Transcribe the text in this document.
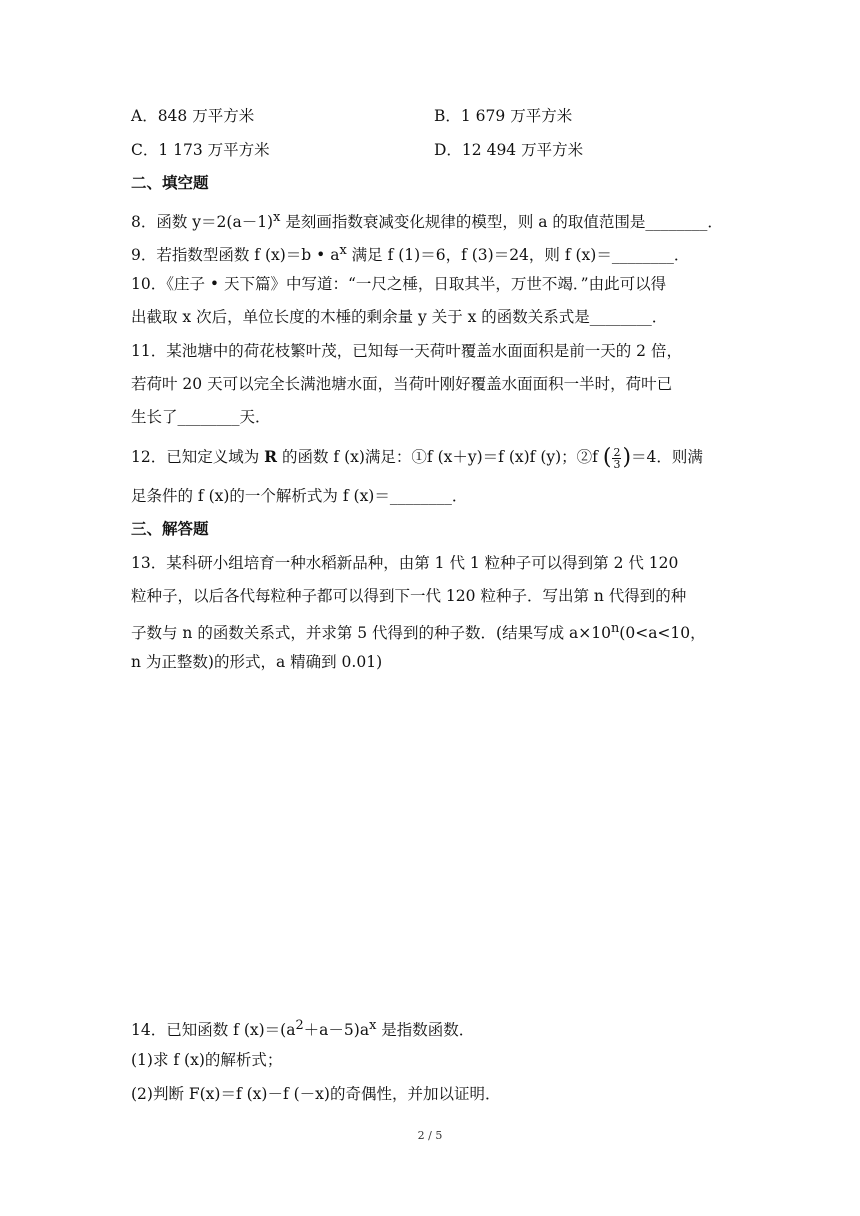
A．848 万平方米	B．1 679 万平方米
C．1 173 万平方米	D．12 494 万平方米
二、填空题
8．函数 $y=2(a-1)^x$ 是刻画指数衰减变化规律的模型，则 a 的取值范围是________．
9．若指数型函数 f (x)＝b • $a^x$ 满足 f (1)＝6，f (3)＝24，则 f (x)＝________．
10．《庄子 • 天下篇》中写道：“一尺之棰，日取其半，万世不竭．”由此可以得
出截取 x 次后，单位长度的木棰的剩余量 y 关于 x 的函数关系式是________．
11．某池塘中的荷花枝繁叶茂，已知每一天荷叶覆盖水面面积是前一天的 2 倍，
若荷叶 20 天可以完全长满池塘水面，当荷叶刚好覆盖水面面积一半时，荷叶已
生长了________天．
12．已知定义域为 R 的函数 f (x)满足：①f (x＋y)＝f (x)f (y)；②f ( $\frac{2}{3} )=4$．则满
足条件的 f (x)的一个解析式为 f (x)＝________．
三、解答题
13．某科研小组培育一种水稻新品种，由第 1 代 1 粒种子可以得到第 2 代 120
粒种子，以后各代每粒种子都可以得到下一代 120 粒种子．写出第 n 代得到的种
子数与 n 的函数关系式，并求第 5 代得到的种子数．(结果写成 $a\times 10^n(0<a<10$，
n 为正整数)的形式，a 精确到 0.01)
14．已知函数 f $(x)=(a^2+a-5)a^x$ 是指数函数．
(1)求 f (x)的解析式；
(2)判断 F(x)＝f (x)－f (－x)的奇偶性，并加以证明．
2 / 5
